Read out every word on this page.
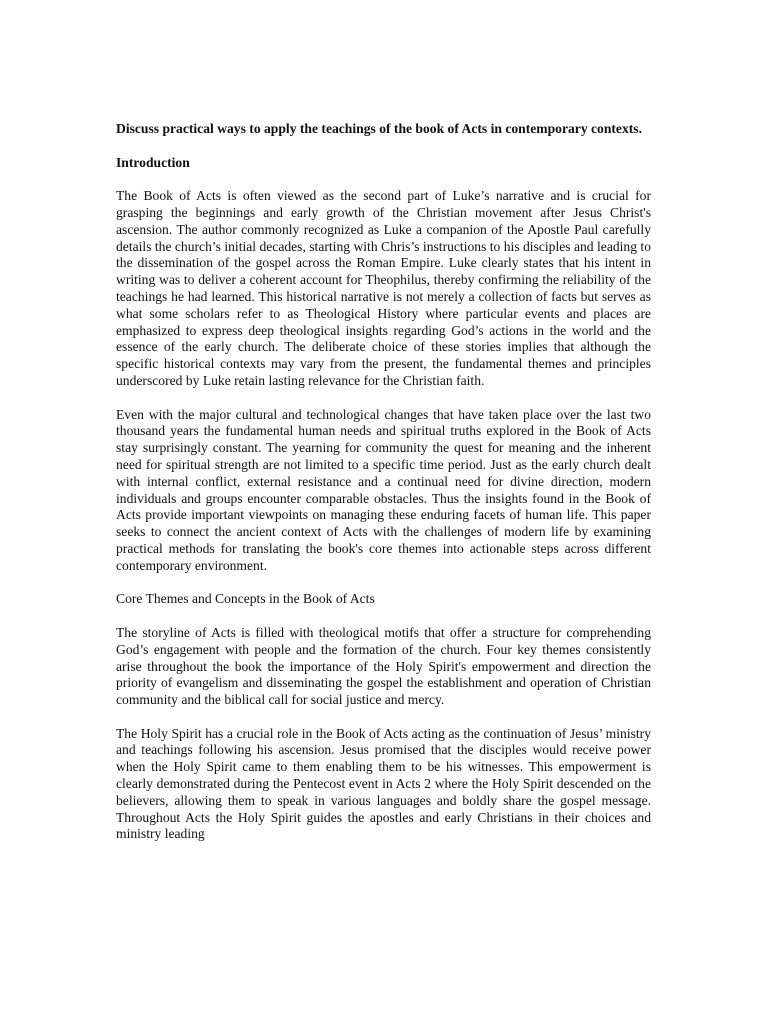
Discuss practical ways to apply the teachings of the book of Acts in contemporary contexts.

Introduction

The Book of Acts is often viewed as the second part of Luke’s narrative and is crucial for grasping the beginnings and early growth of the Christian movement after Jesus Christ's ascension. The author commonly recognized as Luke a companion of the Apostle Paul carefully details the church’s initial decades, starting with Chris’s instructions to his disciples and leading to the dissemination of the gospel across the Roman Empire. Luke clearly states that his intent in writing was to deliver a coherent account for Theophilus, thereby confirming the reliability of the teachings he had learned. This historical narrative is not merely a collection of facts but serves as what some scholars refer to as Theological History where particular events and places are emphasized to express deep theological insights regarding God’s actions in the world and the essence of the early church. The deliberate choice of these stories implies that although the specific historical contexts may vary from the present, the fundamental themes and principles underscored by Luke retain lasting relevance for the Christian faith.

Even with the major cultural and technological changes that have taken place over the last two thousand years the fundamental human needs and spiritual truths explored in the Book of Acts stay surprisingly constant. The yearning for community the quest for meaning and the inherent need for spiritual strength are not limited to a specific time period. Just as the early church dealt with internal conflict, external resistance and a continual need for divine direction, modern individuals and groups encounter comparable obstacles. Thus the insights found in the Book of Acts provide important viewpoints on managing these enduring facets of human life. This paper seeks to connect the ancient context of Acts with the challenges of modern life by examining practical methods for translating the book's core themes into actionable steps across different contemporary environment.

Core Themes and Concepts in the Book of Acts

The storyline of Acts is filled with theological motifs that offer a structure for comprehending God’s engagement with people and the formation of the church. Four key themes consistently arise throughout the book the importance of the Holy Spirit's empowerment and direction the priority of evangelism and disseminating the gospel the establishment and operation of Christian community and the biblical call for social justice and mercy.

The Holy Spirit has a crucial role in the Book of Acts acting as the continuation of Jesus’ ministry and teachings following his ascension. Jesus promised that the disciples would receive power when the Holy Spirit came to them enabling them to be his witnesses. This empowerment is clearly demonstrated during the Pentecost event in Acts 2 where the Holy Spirit descended on the believers, allowing them to speak in various languages and boldly share the gospel message. Throughout Acts the Holy Spirit guides the apostles and early Christians in their choices and ministry leading
